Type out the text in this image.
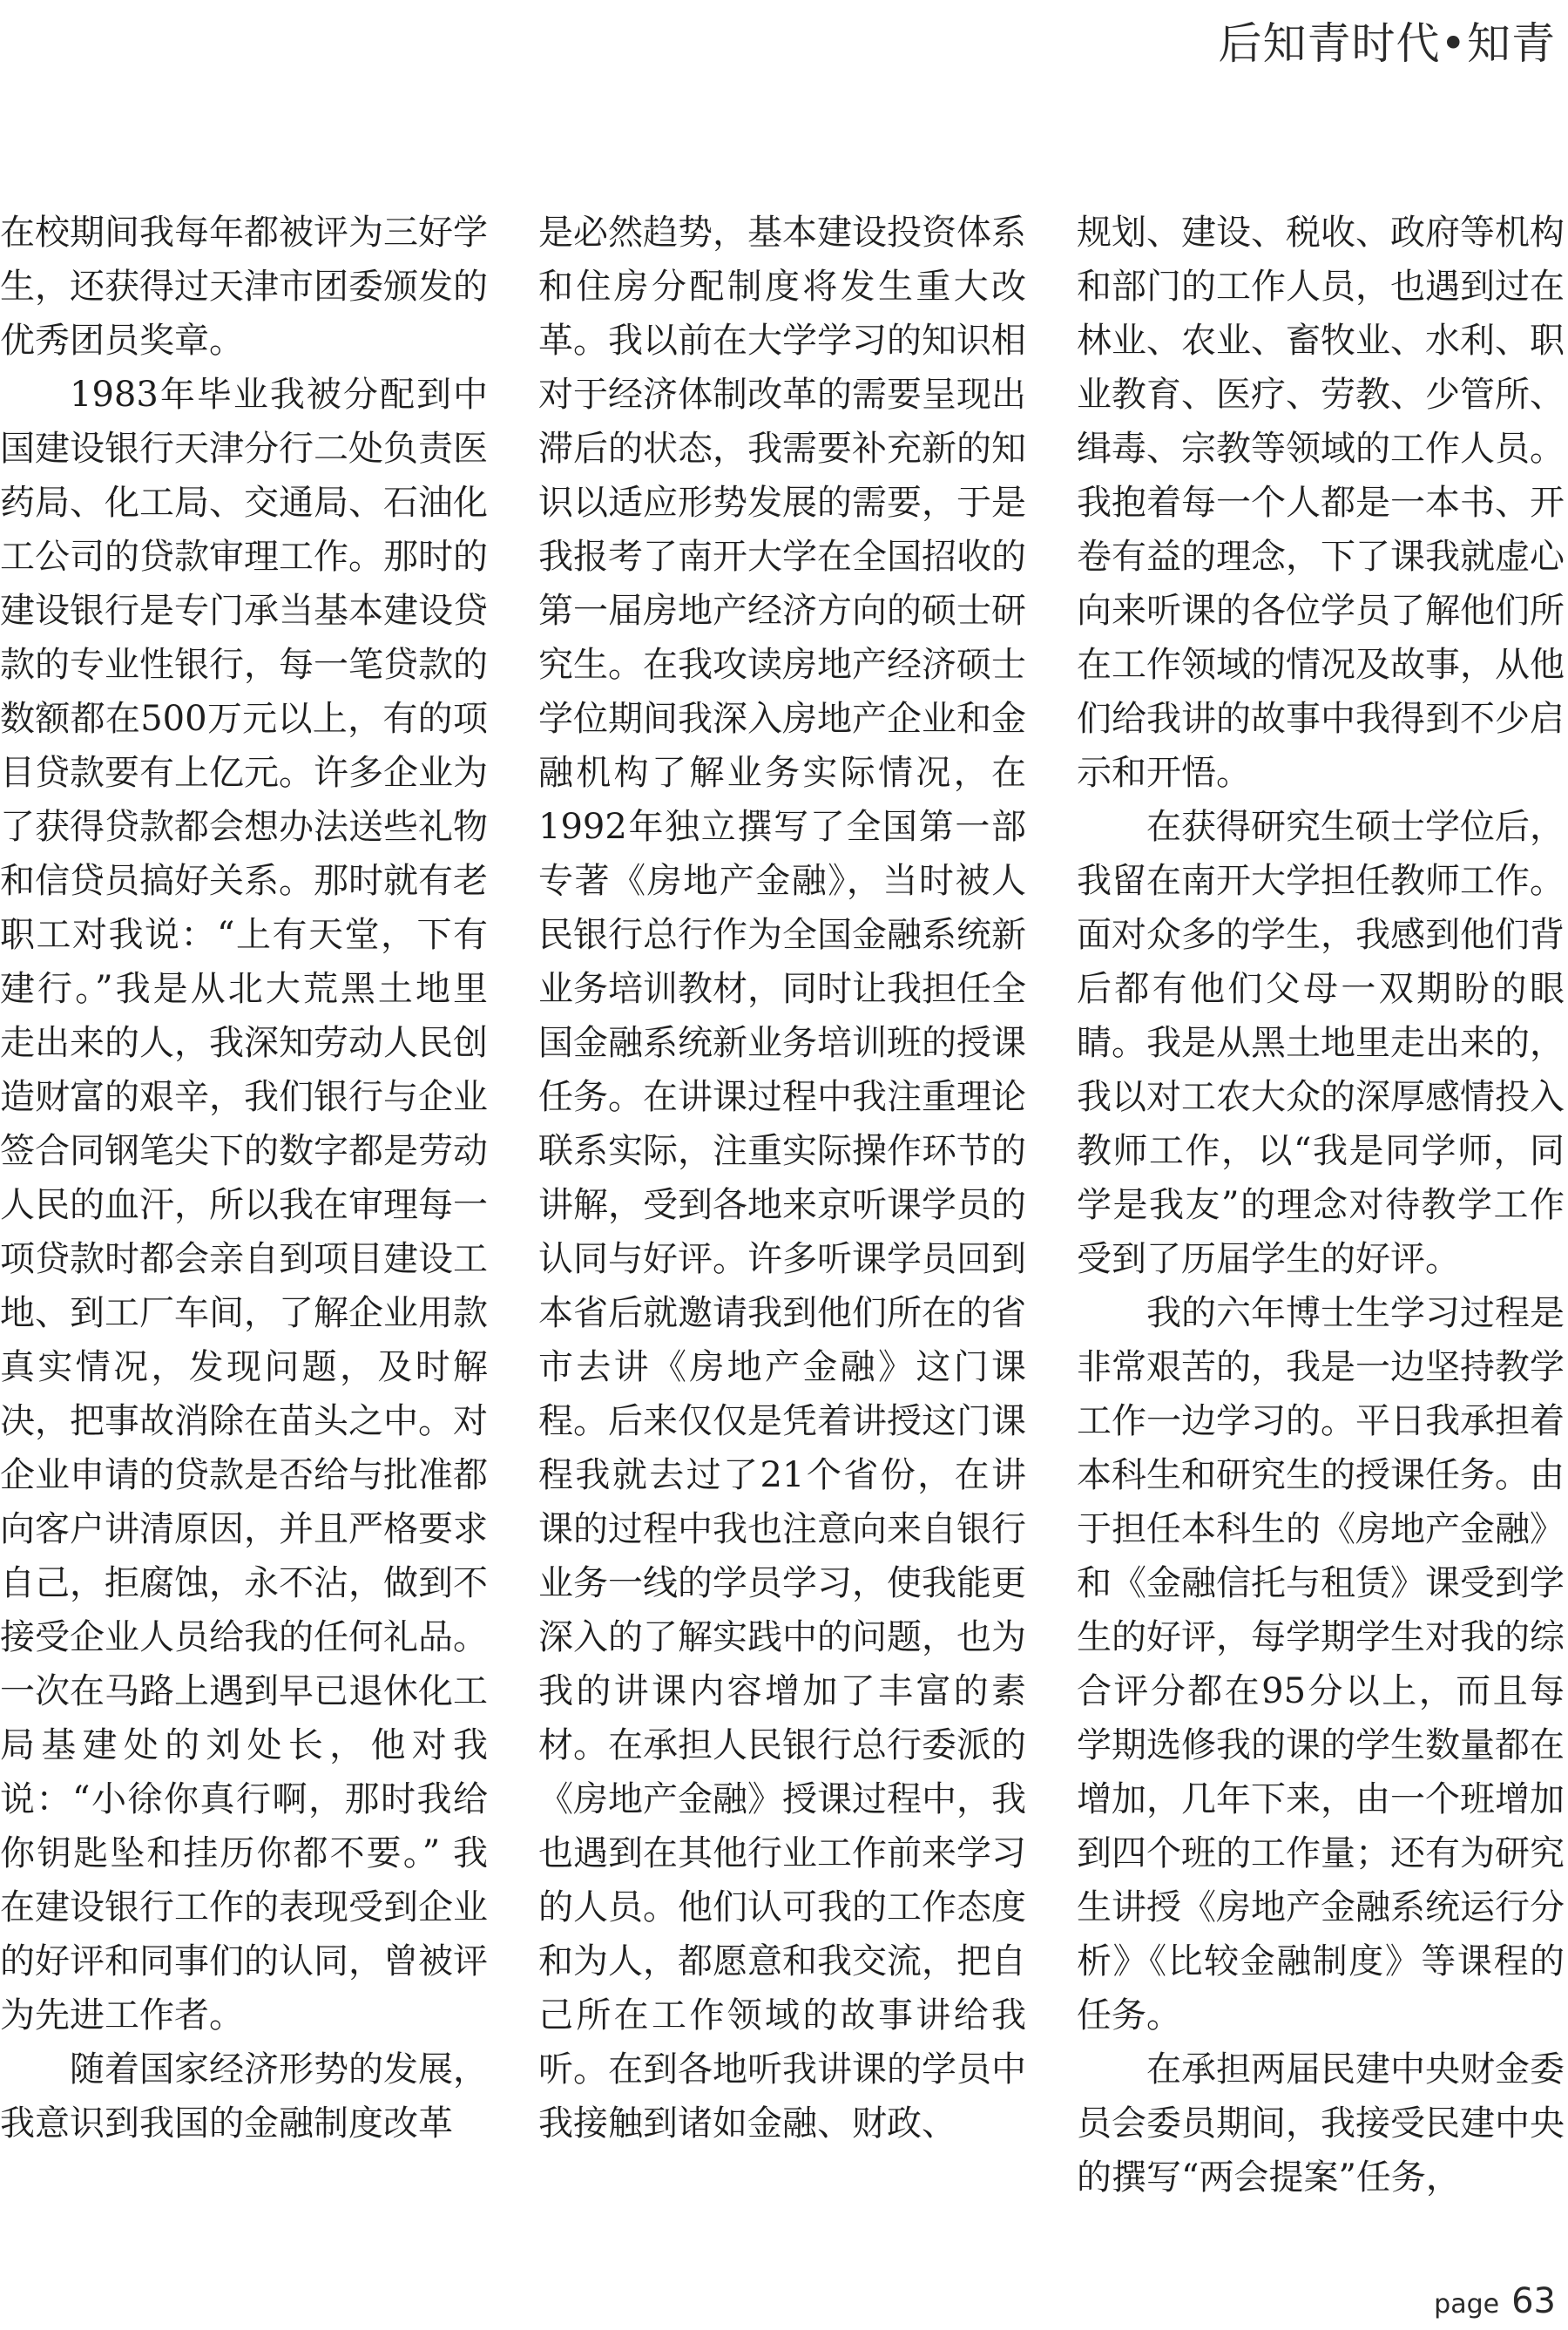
后知青时代•知青

在校期间我每年都被评为三好学生，还获得过天津市团委颁发的优秀团员奖章。

1983年毕业我被分配到中国建设银行天津分行二处负责医药局、化工局、交通局、石油化工公司的贷款审理工作。那时的建设银行是专门承当基本建设贷款的专业性银行，每一笔贷款的数额都在500万元以上，有的项目贷款要有上亿元。许多企业为了获得贷款都会想办法送些礼物和信贷员搞好关系。那时就有老职工对我说：“上有天堂，下有建行。”我是从北大荒黑土地里走出来的人，我深知劳动人民创造财富的艰辛，我们银行与企业签合同钢笔尖下的数字都是劳动人民的血汗，所以我在审理每一项贷款时都会亲自到项目建设工地、到工厂车间，了解企业用款真实情况，发现问题，及时解决，把事故消除在苗头之中。对企业申请的贷款是否给与批准都向客户讲清原因，并且严格要求自己，拒腐蚀，永不沾，做到不接受企业人员给我的任何礼品。一次在马路上遇到早已退休化工局基建处的刘处长，他对我说：“小徐你真行啊，那时我给你钥匙坠和挂历你都不要。” 我在建设银行工作的表现受到企业的好评和同事们的认同，曾被评为先进工作者。

随着国家经济形势的发展，我意识到我国的金融制度改革

是必然趋势，基本建设投资体系和住房分配制度将发生重大改革。我以前在大学学习的知识相对于经济体制改革的需要呈现出滞后的状态，我需要补充新的知识以适应形势发展的需要，于是我报考了南开大学在全国招收的第一届房地产经济方向的硕士研究生。在我攻读房地产经济硕士学位期间我深入房地产企业和金融机构了解业务实际情况，在1992年独立撰写了全国第一部专著《房地产金融》，当时被人民银行总行作为全国金融系统新业务培训教材，同时让我担任全国金融系统新业务培训班的授课任务。在讲课过程中我注重理论联系实际，注重实际操作环节的讲解，受到各地来京听课学员的认同与好评。许多听课学员回到本省后就邀请我到他们所在的省市去讲《房地产金融》这门课程。后来仅仅是凭着讲授这门课程我就去过了21个省份，在讲课的过程中我也注意向来自银行业务一线的学员学习，使我能更深入的了解实践中的问题，也为我的讲课内容增加了丰富的素材。在承担人民银行总行委派的《房地产金融》授课过程中，我也遇到在其他行业工作前来学习的人员。他们认可我的工作态度和为人，都愿意和我交流，把自己所在工作领域的故事讲给我听。在到各地听我讲课的学员中我接触到诸如金融、财政、

规划、建设、税收、政府等机构和部门的工作人员，也遇到过在林业、农业、畜牧业、水利、职业教育、医疗、劳教、少管所、缉毒、宗教等领域的工作人员。我抱着每一个人都是一本书、开卷有益的理念，下了课我就虚心向来听课的各位学员了解他们所在工作领域的情况及故事，从他们给我讲的故事中我得到不少启示和开悟。

在获得研究生硕士学位后，我留在南开大学担任教师工作。面对众多的学生，我感到他们背后都有他们父母一双期盼的眼睛。我是从黑土地里走出来的，我以对工农大众的深厚感情投入教师工作，以“我是同学师，同学是我友”的理念对待教学工作受到了历届学生的好评。

我的六年博士生学习过程是非常艰苦的，我是一边坚持教学工作一边学习的。平日我承担着本科生和研究生的授课任务。由于担任本科生的《房地产金融》和《金融信托与租赁》课受到学生的好评，每学期学生对我的综合评分都在95分以上，而且每学期选修我的课的学生数量都在增加，几年下来，由一个班增加到四个班的工作量；还有为研究生讲授《房地产金融系统运行分析》《比较金融制度》等课程的任务。

在承担两届民建中央财金委员会委员期间，我接受民建中央的撰写“两会提案”任务，

page 63
